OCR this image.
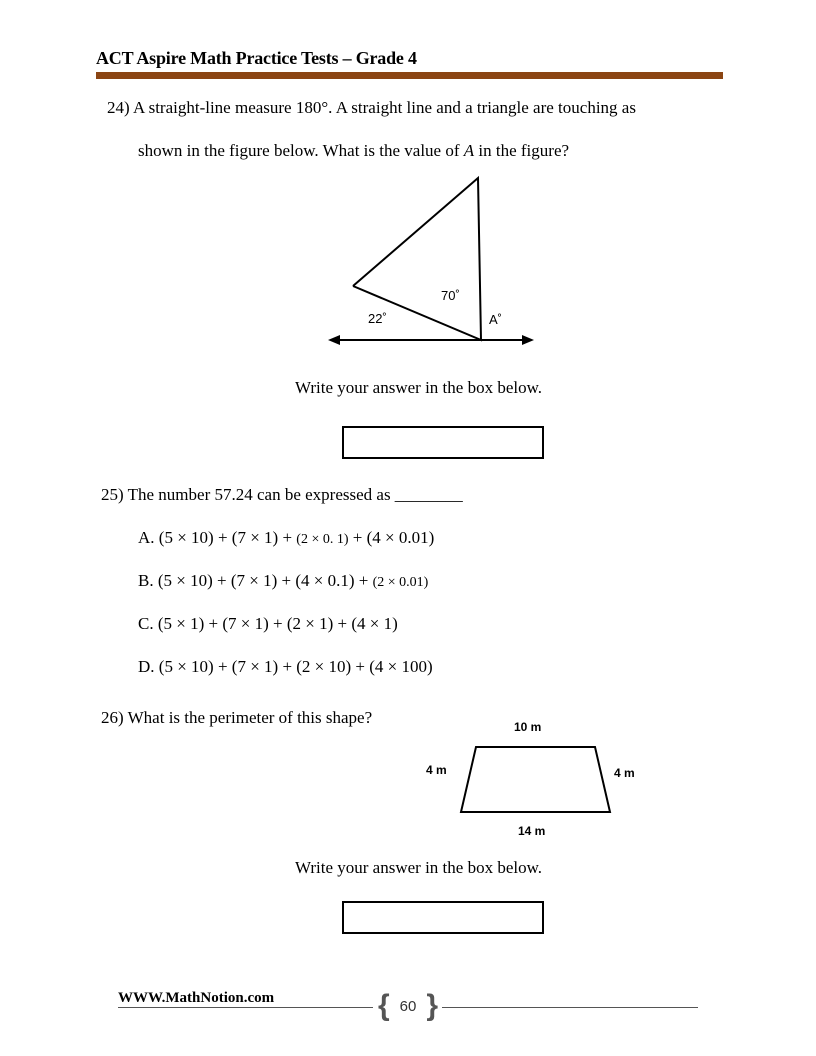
ACT Aspire Math Practice Tests – Grade 4
24) A straight-line measure 180°. A straight line and a triangle are touching as
shown in the figure below. What is the value of A in the figure?
70˚
22˚	A˚
Write your answer in the box below.
25) The number 57.24 can be expressed as ________
A. (5 × 10) + (7 × 1) + (2 × 0. 1) + (4 × 0.01)
B. (5 × 10) + (7 × 1) + (4 × 0.1) + (2 × 0.01)
C. (5 × 1) + (7 × 1) + (2 × 1) + (4 × 1)
D. (5 × 10) + (7 × 1) + (2 × 10) + (4 × 100)
26) What is the perimeter of this shape?	10 m
4 m	4 m
14 m
Write your answer in the box below.
WWW.MathNotion.com	{ 60 }
